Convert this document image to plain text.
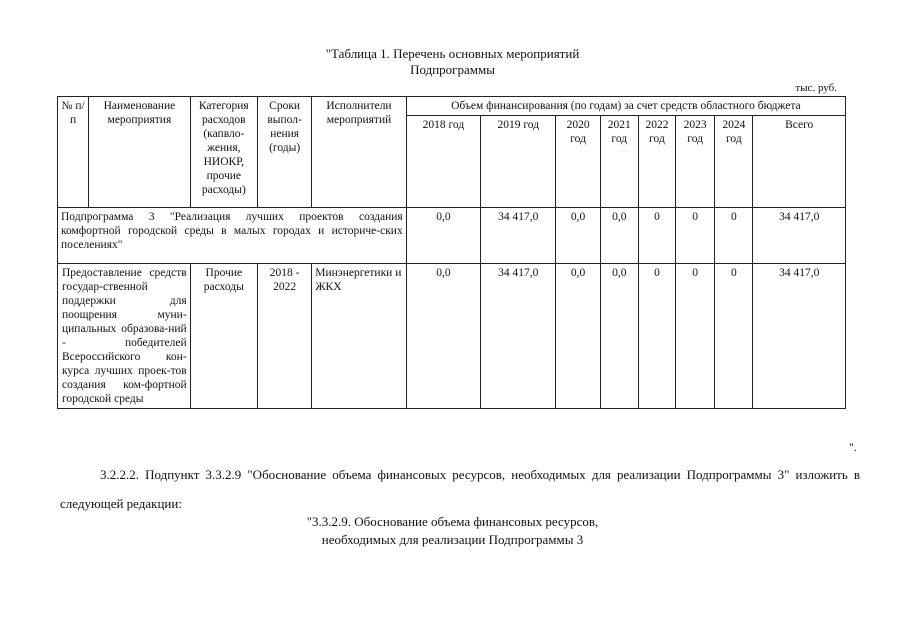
"Таблица 1. Перечень основных мероприятий
Подпрограммы
тыс. руб.
№ п/п	Наименование мероприятия	Категория расходов (капвло-жения, НИОКР, прочие расходы)	Сроки выпол-нения (годы)	Исполнители мероприятий	Объем финансирования (по годам) за счет средств областного бюджета							
					2018 год	2019 год	2020 год	2021 год	2022 год	2023 год	2024 год	Всего
Подпрограмма 3 "Реализация лучших проектов создания комфортной городской среды в малых городах и историче-ских поселениях"					0,0	34 417,0	0,0	0,0	0	0	0	34 417,0
Предоставление средств государ-ственной поддержки для поощрения муни-ципальных образова-ний - победителей Всероссийского кон-курса лучших проек-тов создания ком-фортной городской среды		Прочие расходы	2018 - 2022	Минэнергетики и ЖКХ	0,0	34 417,0	0,0	0,0	0	0	0	34 417,0
".
3.2.2.2. Подпункт 3.3.2.9 "Обоснование объема финансовых ресурсов, необходимых для реализации Подпрограммы 3" изложить в следующей редакции:
"3.3.2.9. Обоснование объема финансовых ресурсов,
необходимых для реализации Подпрограммы 3
